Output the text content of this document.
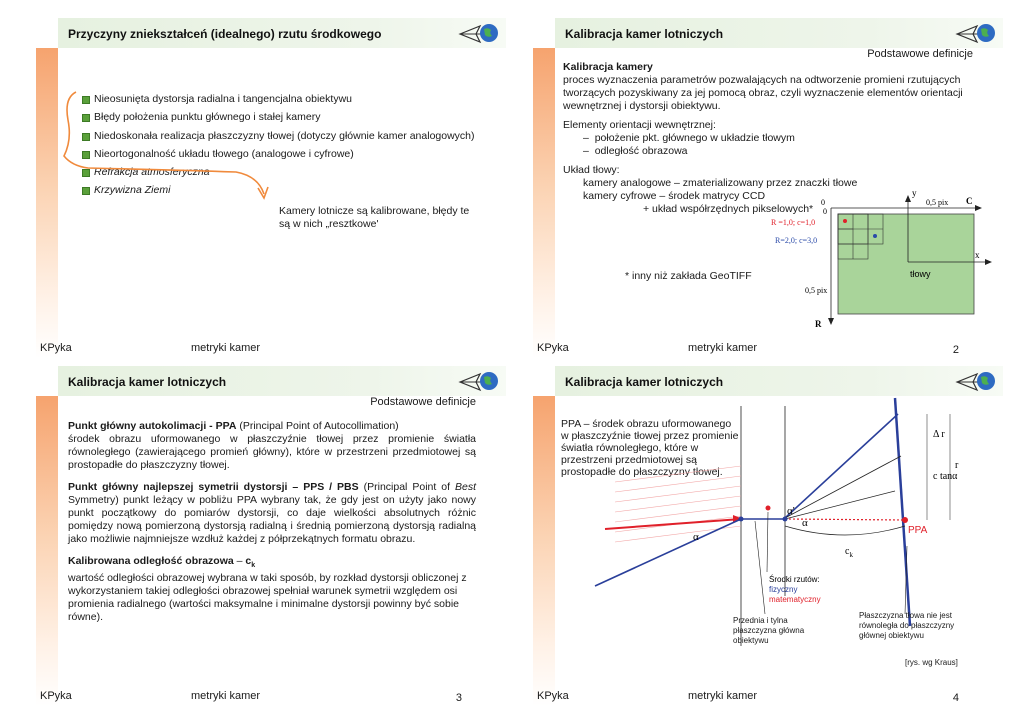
Przyczyny zniekształceń (idealnego) rzutu środkowego
Nieosunięta dystorsja radialna i tangencjalna obiektywu
Błędy położenia punktu głównego i stałej kamery
Niedoskonała realizacja płaszczyzny tłowej (dotyczy głównie kamer analogowych)
Nieortogonalność układu tłowego (analogowe i cyfrowe)
Refrakcja atmosferyczna
Krzywizna Ziemi
Kamery lotnicze są kalibrowane, błędy te są w nich „resztkowe'
KPyka	metryki kamer
Kalibracja kamer lotniczych
Podstawowe definicje

Kalibracja kamery

proces wyznaczenia parametrów pozwalających na odtworzenie promieni rzutujących tworzących pozyskiwany za jej pomocą obraz, czyli wyznaczenie elementów orientacji wewnętrznej i dystorsji obiektywu.

Elementy orientacji wewnętrznej:

–  położenie pkt. głównego w układzie tłowym

–  odległość obrazowa

Układ tłowy:

kamery analogowe – zmaterializowany przez znaczki tłowe

kamery cyfrowe – środek matrycy CCD

+ układ współrzędnych pikselowych*

* inny niż zakłada GeoTIFF
0
0
0,5 pix
0,5 pix
C
R
x
y
tłowy
R =1,0; c=1,0
R=2,0; c=3,0
KPyka	metryki kamer	2
Kalibracja kamer lotniczych
Podstawowe definicje
Punkt główny autokolimacji - PPA (Principal Point of Autocollimation)
środek obrazu uformowanego w płaszczyźnie tłowej przez promienie światła równoległego (zawierającego promień główny), które w przestrzeni przedmiotowej są prostopadłe do płaszczyzny tłowej.
Punkt główny najlepszej symetrii dystorsji – PPS / PBS (Principal Point of Best Symmetry) punkt leżący w pobliżu PPA wybrany tak, że gdy jest on użyty jako nowy punkt początkowy do pomiarów dystorsji, co daje wielkości absolutnych różnic pomiędzy nową pomierzoną dystorsją radialną i średnią pomierzoną dystorsją radialną jako możliwie najmniejsze wzdłuż każdej z półprzekątnych formatu obrazu.
Kalibrowana odległość obrazowa – $c_k$
wartość odległości obrazowej wybrana w taki sposób, by rozkład dystorsji obliczonej z wykorzystaniem takiej odległości obrazowej spełniał warunek symetrii względem osi promienia radialnego (wartości maksymalne i minimalne dystorsji powinny być sobie równe).
KPyka	metryki kamer	3
Kalibracja kamer lotniczych
PPA – środek obrazu uformowanego w płaszczyźnie tłowej przez promienie światła równoległego, które w przestrzeni przedmiotowej są prostopadłe do płaszczyzny tłowej.
α
α
α'
Δ r
r
c tanα
$c_k$
PPA
Środki rzutów:
fizyczny
matematyczny
Przednia i tylna płaszczyzna główna obiektywu
Płaszczyzna tłowa nie jest równoległa do płaszczyzny głównej obiektywu
[rys. wg Kraus]
KPyka	metryki kamer	4
